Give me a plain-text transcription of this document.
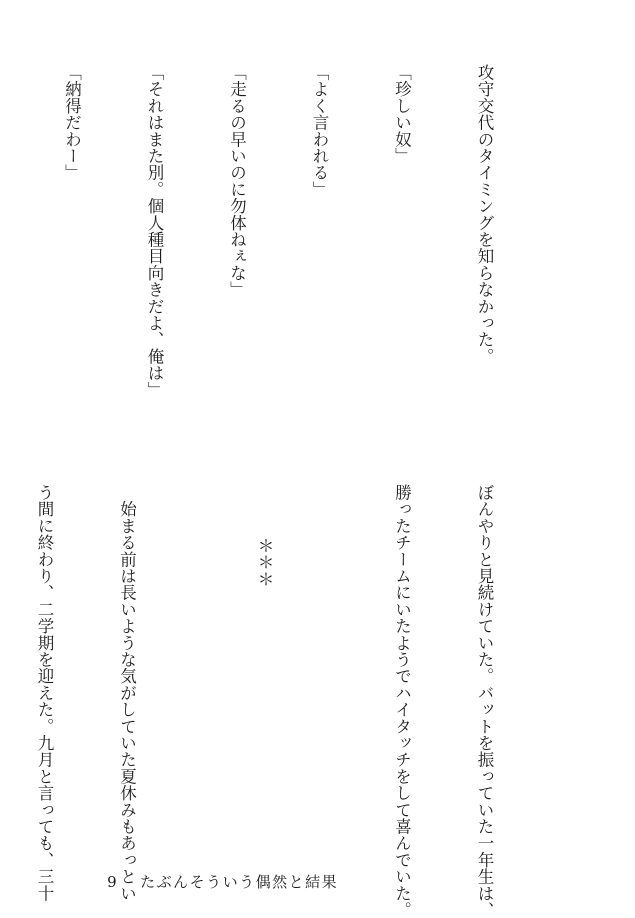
攻守交代のタイミングを知らなかった。

「珍しい奴」

「よく言われる」

「走るの早いのに勿体ねぇな」

「それはまた別。個人種目向きだよ、俺は」

「納得だわー」

ぼんやりと見続けていた。バットを振っていた一年生は、

勝ったチームにいたようでハイタッチをして喜んでいた。

＊＊＊

　始まる前は長いような気がしていた夏休みもあっとい

う間に終わり、二学期を迎えた。九月と言っても、三十

	9 たぶんそういう偶然と結果
